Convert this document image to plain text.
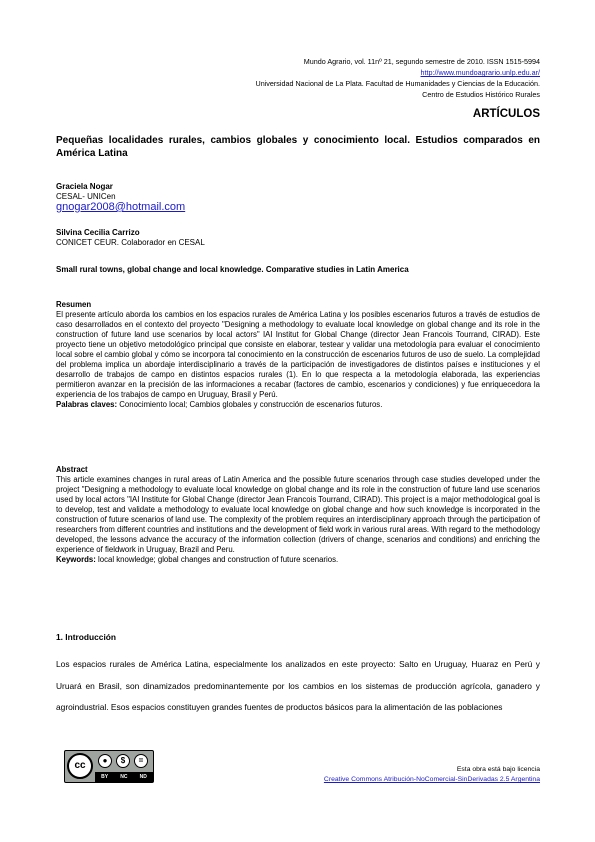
Mundo Agrario, vol. 11nº 21, segundo semestre de 2010. ISSN 1515-5994
http://www.mundoagrario.unlp.edu.ar/
Universidad Nacional de La Plata. Facultad de Humanidades y Ciencias de la Educación.
Centro de Estudios Histórico Rurales
ARTÍCULOS
Pequeñas localidades rurales, cambios globales y conocimiento local. Estudios comparados en América Latina
Graciela Nogar
CESAL- UNICen
gnogar2008@hotmail.com
Silvina Cecilia Carrizo
CONICET CEUR. Colaborador en CESAL
Small rural towns, global change and local knowledge. Comparative studies in Latin America
Resumen
El presente artículo aborda los cambios en los espacios rurales de América Latina y los posibles escenarios futuros a través de estudios de caso desarrollados en el contexto del proyecto "Designing a methodology to evaluate local knowledge on global change and its role in the construction of future land use scenarios by local actors" IAI Institut for Global Change (director Jean Francois Tourrand, CIRAD). Este proyecto tiene un objetivo metodológico principal que consiste en elaborar, testear y validar una metodología para evaluar el conocimiento local sobre el cambio global y cómo se incorpora tal conocimiento en la construcción de escenarios futuros de uso de suelo. La complejidad del problema implica un abordaje interdisciplinario a través de la participación de investigadores de distintos países e instituciones y el desarrollo de trabajos de campo en distintos espacios rurales (1). En lo que respecta a la metodología elaborada, las experiencias permitieron avanzar en la precisión de las informaciones a recabar (factores de cambio, escenarios y condiciones) y fue enriquecedora la experiencia de los trabajos de campo en Uruguay, Brasil y Perú.
Palabras claves: Conocimiento local; Cambios globales y construcción de escenarios futuros.
Abstract
This article examines changes in rural areas of Latin America and the possible future scenarios through case studies developed under the project "Designing a methodology to evaluate local knowledge on global change and its role in the construction of future land use scenarios used by local actors "IAI Institute for Global Change (director Jean Francois Tourrand, CIRAD). This project is a major methodological goal is to develop, test and validate a methodology to evaluate local knowledge on global change and how such knowledge is incorporated in the construction of future scenarios of land use. The complexity of the problem requires an interdisciplinary approach through the participation of researchers from different countries and institutions and the development of field work in various rural areas. With regard to the methodology developed, the lessons advance the accuracy of the information collection (drivers of change, scenarios and conditions) and enriching the experience of fieldwork in Uruguay, Brazil and Peru.
Keywords: local knowledge; global changes and construction of future scenarios.
1. Introducción
Los espacios rurales de América Latina, especialmente los analizados en este proyecto: Salto en Uruguay, Huaraz en Perú y Uruará en Brasil, son dinamizados predominantemente por los cambios en los sistemas de producción agrícola, ganadero y agroindustrial. Esos espacios constituyen grandes fuentes de productos básicos para la alimentación de las poblaciones
cc	●	$	=
BY NC ND
Esta obra está bajo licencia
Creative Commons Atribución-NoComercial-SinDerivadas 2.5 Argentina
